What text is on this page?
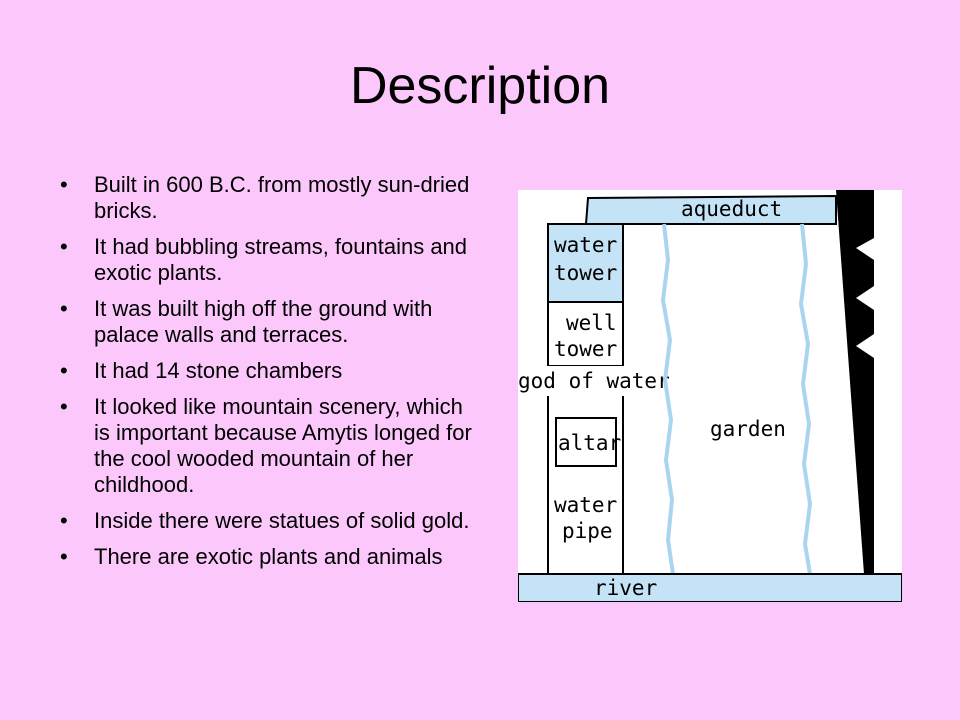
Description
• Built in 600 B.C. from mostly sun-dried bricks.
• It had bubbling streams, fountains and exotic plants.
• It was built high off the ground with palace walls and terraces.
• It had 14 stone chambers
• It looked like mountain scenery, which is important because Amytis longed for the cool wooded mountain of her childhood.
• Inside there were statues of solid gold.
• There are exotic plants and animals
aqueduct
water
tower
well
tower
god of water
altar
water
pipe
garden
river
